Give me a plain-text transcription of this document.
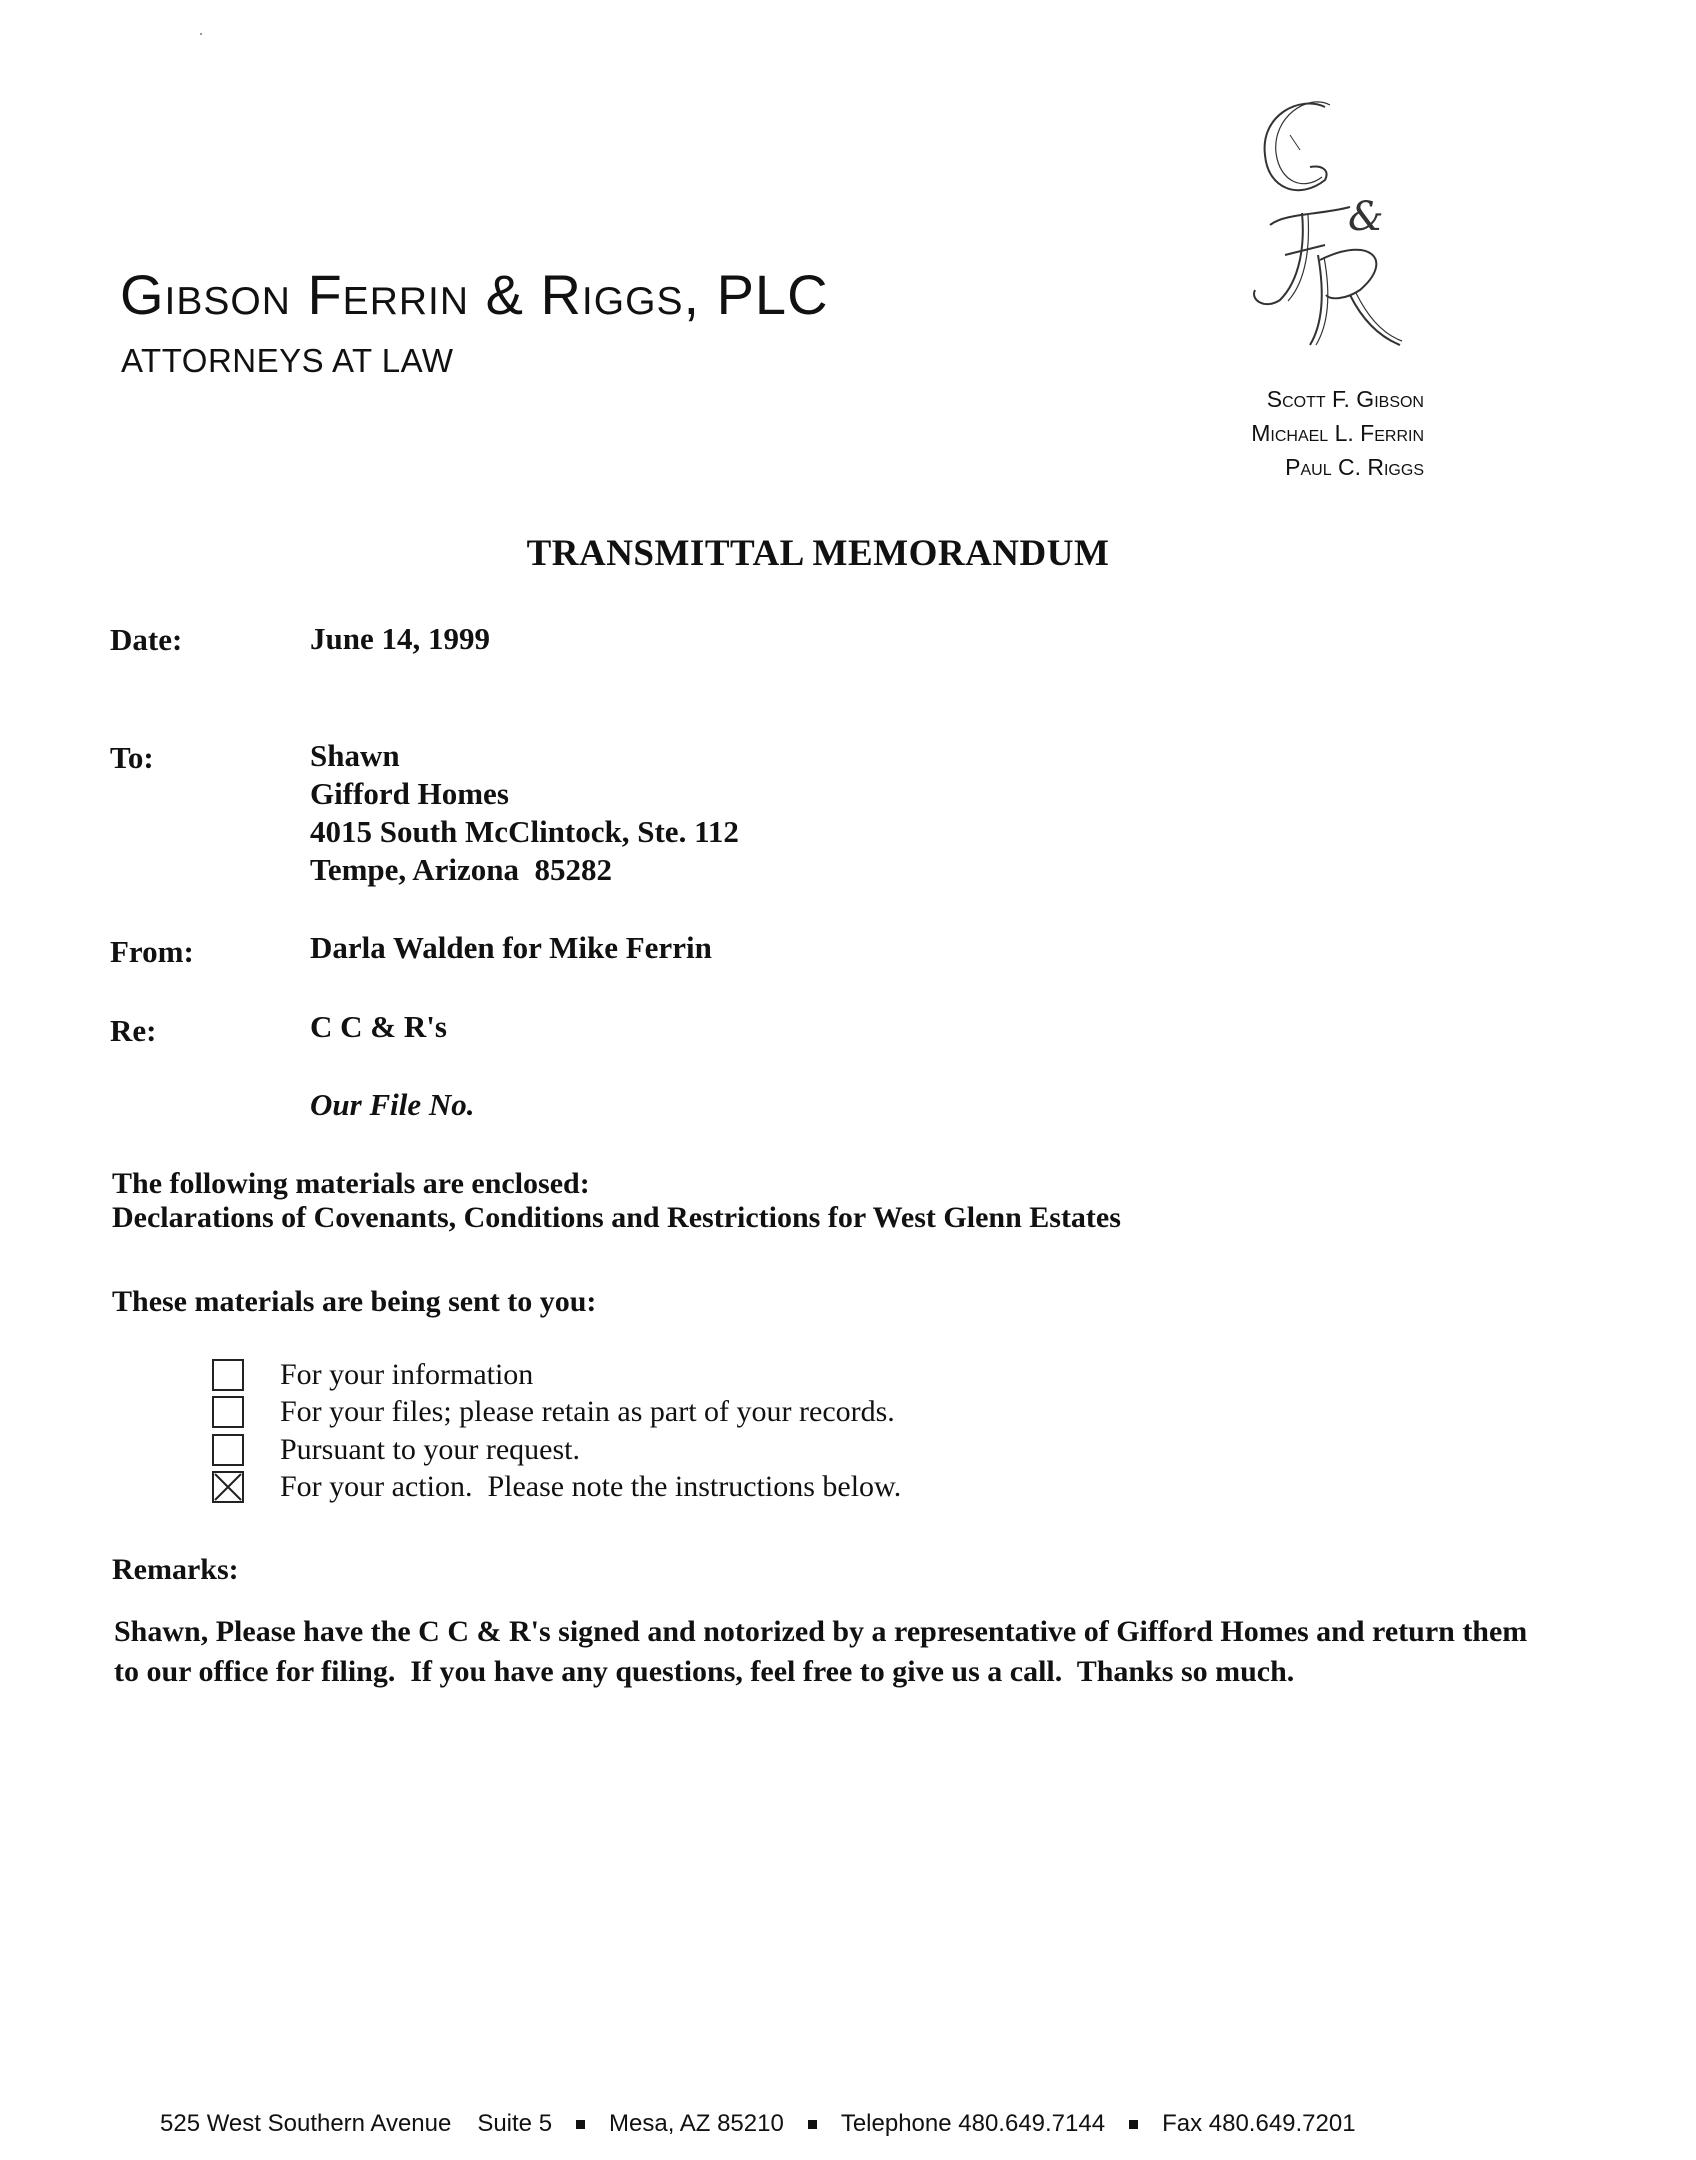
Gibson Ferrin & Riggs, PLC
ATTORNEYS AT LAW
&
Scott F. Gibson
Michael L. Ferrin
Paul C. Riggs
TRANSMITTAL MEMORANDUM
Date:	June 14, 1999
To:	Shawn
Gifford Homes
4015 South McClintock, Ste. 112
Tempe, Arizona  85282
From:	Darla Walden for Mike Ferrin
Re:	C C & R's
Our File No.
The following materials are enclosed:
Declarations of Covenants, Conditions and Restrictions for West Glenn Estates
These materials are being sent to you:
For your information
For your files; please retain as part of your records.
Pursuant to your request.
For your action.  Please note the instructions below.
Remarks:
Shawn, Please have the C C & R's signed and notorized by a representative of Gifford Homes and return them to our office for filing.  If you have any questions, feel free to give us a call.  Thanks so much.
525 West Southern Avenue Suite 5 Mesa, AZ 85210 Telephone 480.649.7144 Fax 480.649.7201
